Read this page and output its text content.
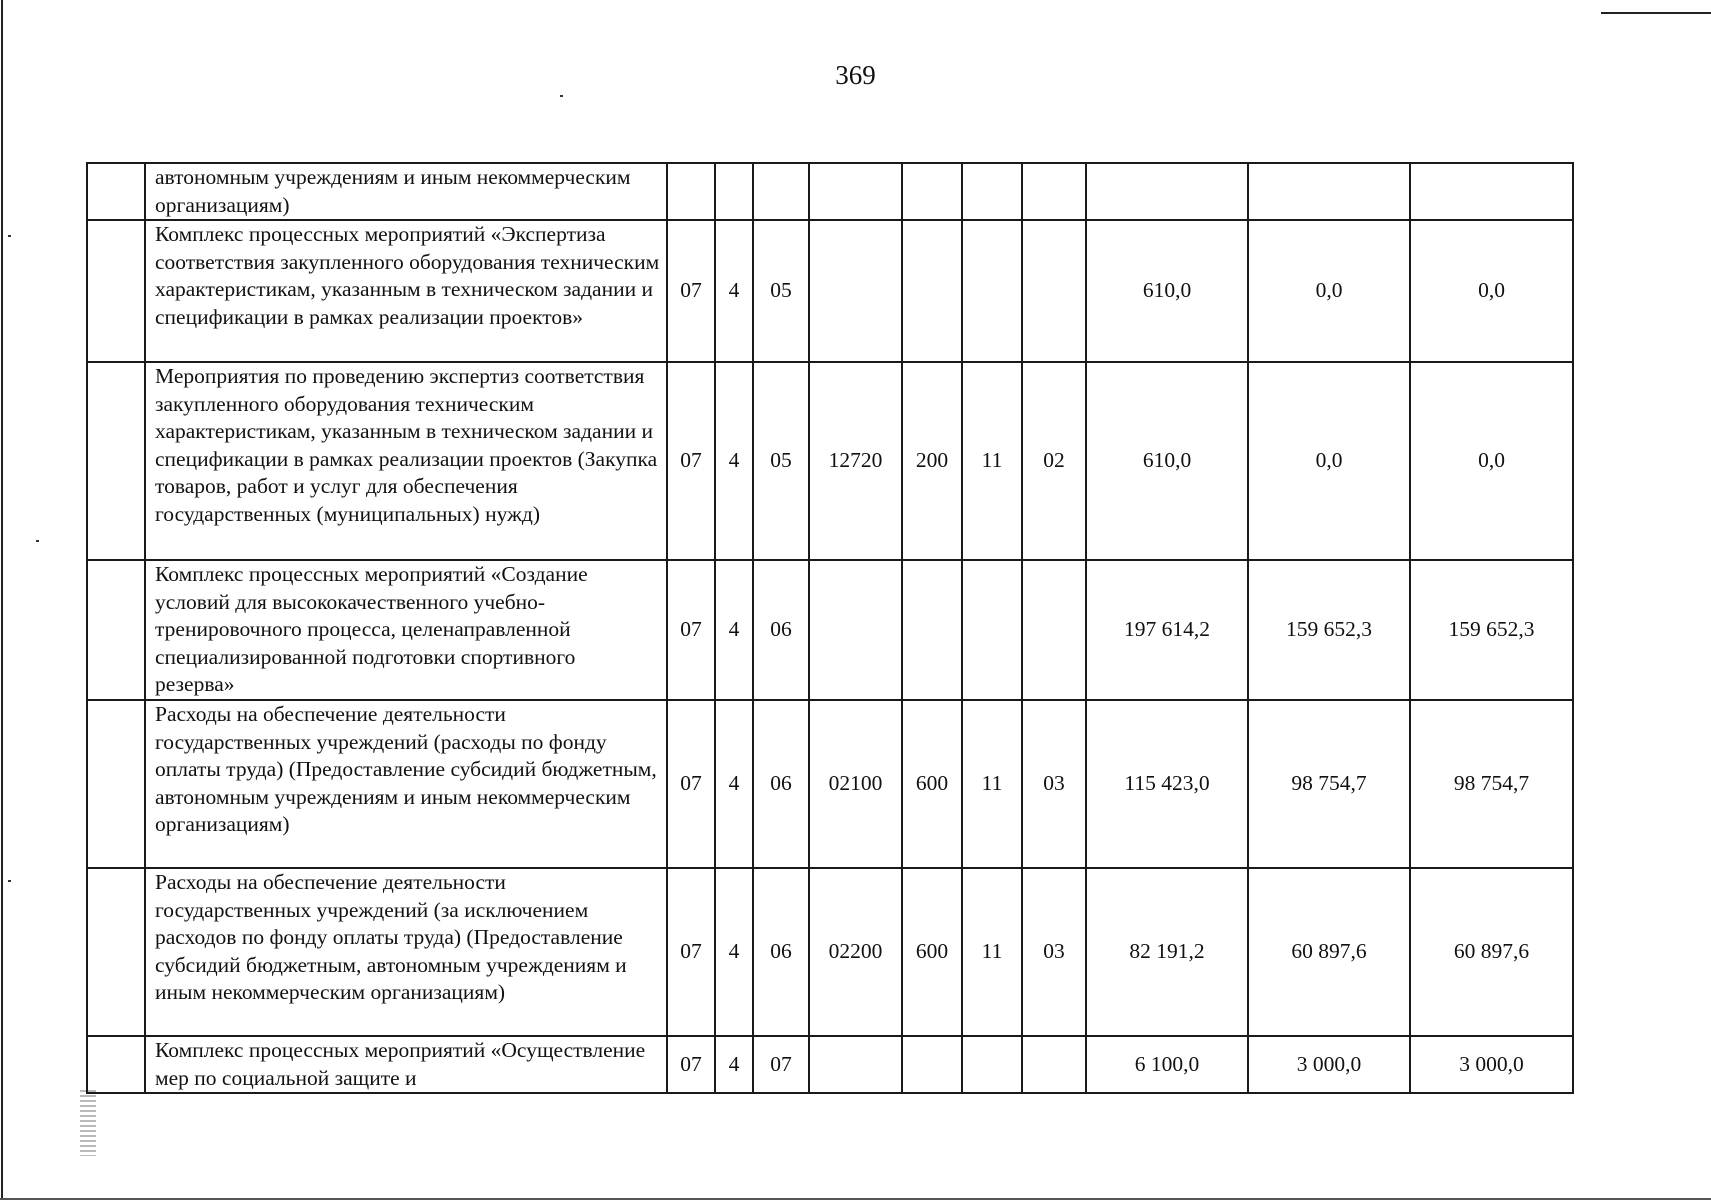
369
	автономным учреждениям и иным некоммерческим организациям)										
	Комплекс процессных мероприятий «Экспертиза соответствия закупленного оборудования техническим характеристикам, указанным в техническом задании и спецификации в рамках реализации проектов»	07	4	05					610,0	0,0	0,0
	Мероприятия по проведению экспертиз соответствия закупленного оборудования техническим характеристикам, указанным в техническом задании и спецификации в рамках реализации проектов (Закупка товаров, работ и услуг для обеспечения государственных (муниципальных) нужд)	07	4	05	12720	200	11	02	610,0	0,0	0,0
	Комплекс процессных мероприятий «Создание условий для высококачественного учебно-тренировочного процесса, целенаправленной специализированной подготовки спортивного резерва»	07	4	06					197 614,2	159 652,3	159 652,3
	Расходы на обеспечение деятельности государственных учреждений (расходы по фонду оплаты труда) (Предоставление субсидий бюджетным, автономным учреждениям и иным некоммерческим организациям)	07	4	06	02100	600	11	03	115 423,0	98 754,7	98 754,7
	Расходы на обеспечение деятельности государственных учреждений (за исключением расходов по фонду оплаты труда) (Предоставление субсидий бюджетным, автономным учреждениям и иным некоммерческим организациям)	07	4	06	02200	600	11	03	82 191,2	60 897,6	60 897,6
	Комплекс процессных мероприятий «Осуществление мер по социальной защите и	07	4	07					6 100,0	3 000,0	3 000,0
